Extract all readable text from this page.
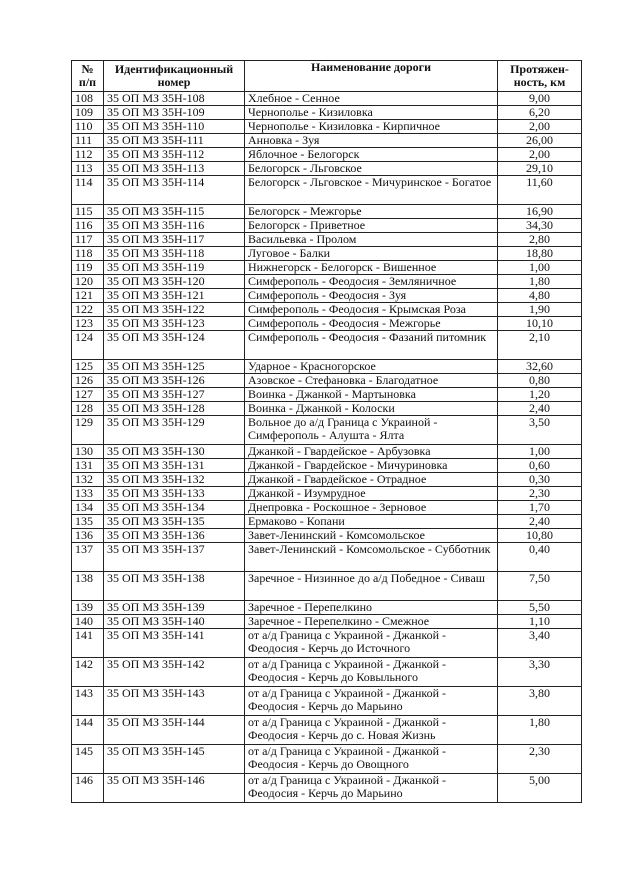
№
п/п	Идентификационный номер	Наименование дороги	Протяжен-ность, км
108	35 ОП МЗ 35Н-108	Хлебное - Сенное	9,00
109	35 ОП МЗ 35Н-109	Чернополье - Кизиловка	6,20
110	35 ОП МЗ 35Н-110	Чернополье - Кизиловка - Кирпичное	2,00
111	35 ОП МЗ 35Н-111	Анновка - Зуя	26,00
112	35 ОП МЗ 35Н-112	Яблочное - Белогорск	2,00
113	35 ОП МЗ 35Н-113	Белогорск - Льговское	29,10
114	35 ОП МЗ 35Н-114	Белогорск - Льговское - Мичуринское - Богатое	11,60
115	35 ОП МЗ 35Н-115	Белогорск - Межгорье	16,90
116	35 ОП МЗ 35Н-116	Белогорск - Приветное	34,30
117	35 ОП МЗ 35Н-117	Васильевка - Пролом	2,80
118	35 ОП МЗ 35Н-118	Луговое - Балки	18,80
119	35 ОП МЗ 35Н-119	Нижнегорск - Белогорск - Вишенное	1,00
120	35 ОП МЗ 35Н-120	Симферополь - Феодосия - Земляничное	1,80
121	35 ОП МЗ 35Н-121	Симферополь - Феодосия - Зуя	4,80
122	35 ОП МЗ 35Н-122	Симферополь - Феодосия - Крымская Роза	1,90
123	35 ОП МЗ 35Н-123	Симферополь - Феодосия - Межгорье	10,10
124	35 ОП МЗ 35Н-124	Симферополь - Феодосия - Фазаний питомник	2,10
125	35 ОП МЗ 35Н-125	Ударное - Красногорское	32,60
126	35 ОП МЗ 35Н-126	Азовское - Стефановка - Благодатное	0,80
127	35 ОП МЗ 35Н-127	Воинка - Джанкой - Мартыновка	1,20
128	35 ОП МЗ 35Н-128	Воинка - Джанкой - Колоски	2,40
129	35 ОП МЗ 35Н-129	Вольное до а/д Граница с Украиной - Симферополь - Алушта - Ялта	3,50
130	35 ОП МЗ 35Н-130	Джанкой - Гвардейское - Арбузовка	1,00
131	35 ОП МЗ 35Н-131	Джанкой - Гвардейское - Мичуриновка	0,60
132	35 ОП МЗ 35Н-132	Джанкой - Гвардейское - Отрадное	0,30
133	35 ОП МЗ 35Н-133	Джанкой - Изумрудное	2,30
134	35 ОП МЗ 35Н-134	Днепровка - Роскошное - Зерновое	1,70
135	35 ОП МЗ 35Н-135	Ермаково - Копани	2,40
136	35 ОП МЗ 35Н-136	Завет-Ленинский - Комсомольское	10,80
137	35 ОП МЗ 35Н-137	Завет-Ленинский - Комсомольское - Субботник	0,40
138	35 ОП МЗ 35Н-138	Заречное - Низинное до а/д Победное - Сиваш	7,50
139	35 ОП МЗ 35Н-139	Заречное - Перепелкино	5,50
140	35 ОП МЗ 35Н-140	Заречное - Перепелкино - Смежное	1,10
141	35 ОП МЗ 35Н-141	от а/д Граница с Украиной - Джанкой - Феодосия - Керчь до Источного	3,40
142	35 ОП МЗ 35Н-142	от а/д Граница с Украиной - Джанкой - Феодосия - Керчь до Ковыльного	3,30
143	35 ОП МЗ 35Н-143	от а/д Граница с Украиной - Джанкой - Феодосия - Керчь до Марьино	3,80
144	35 ОП МЗ 35Н-144	от а/д Граница с Украиной - Джанкой - Феодосия - Керчь до с. Новая Жизнь	1,80
145	35 ОП МЗ 35Н-145	от а/д Граница с Украиной - Джанкой - Феодосия - Керчь до Овощного	2,30
146	35 ОП МЗ 35Н-146	от а/д Граница с Украиной - Джанкой - Феодосия - Керчь до Марьино	5,00
